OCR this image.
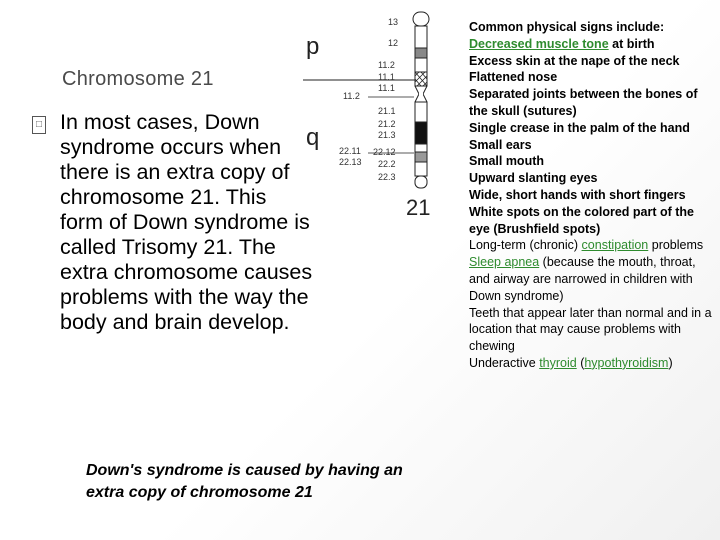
Chromosome 21
□ In most cases, Down syndrome occurs when there is an extra copy of chromosome 21. This form of Down syndrome is called Trisomy 21. The extra chromosome causes problems with the way the body and brain develop.
Down's syndrome is caused by having an extra copy of chromosome 21
p
q
13
12
11.2
11.1
11.1
21.1
21.2
21.3
22.12
22.2
22.3
11.2
22.11
22.13
21

Common physical signs include:

Decreased muscle tone at birth

Excess skin at the nape of the neck

Flattened nose

Separated joints between the bones of the skull (sutures)

Single crease in the palm of the hand

Small ears

Small mouth

Upward slanting eyes

Wide, short hands with short fingers

White spots on the colored part of the eye (Brushfield spots)

Long-term (chronic) constipation problems

Sleep apnea (because the mouth, throat, and airway are narrowed in children with Down syndrome)

Teeth that appear later than normal and in a location that may cause problems with chewing

Underactive thyroid (hypothyroidism)
